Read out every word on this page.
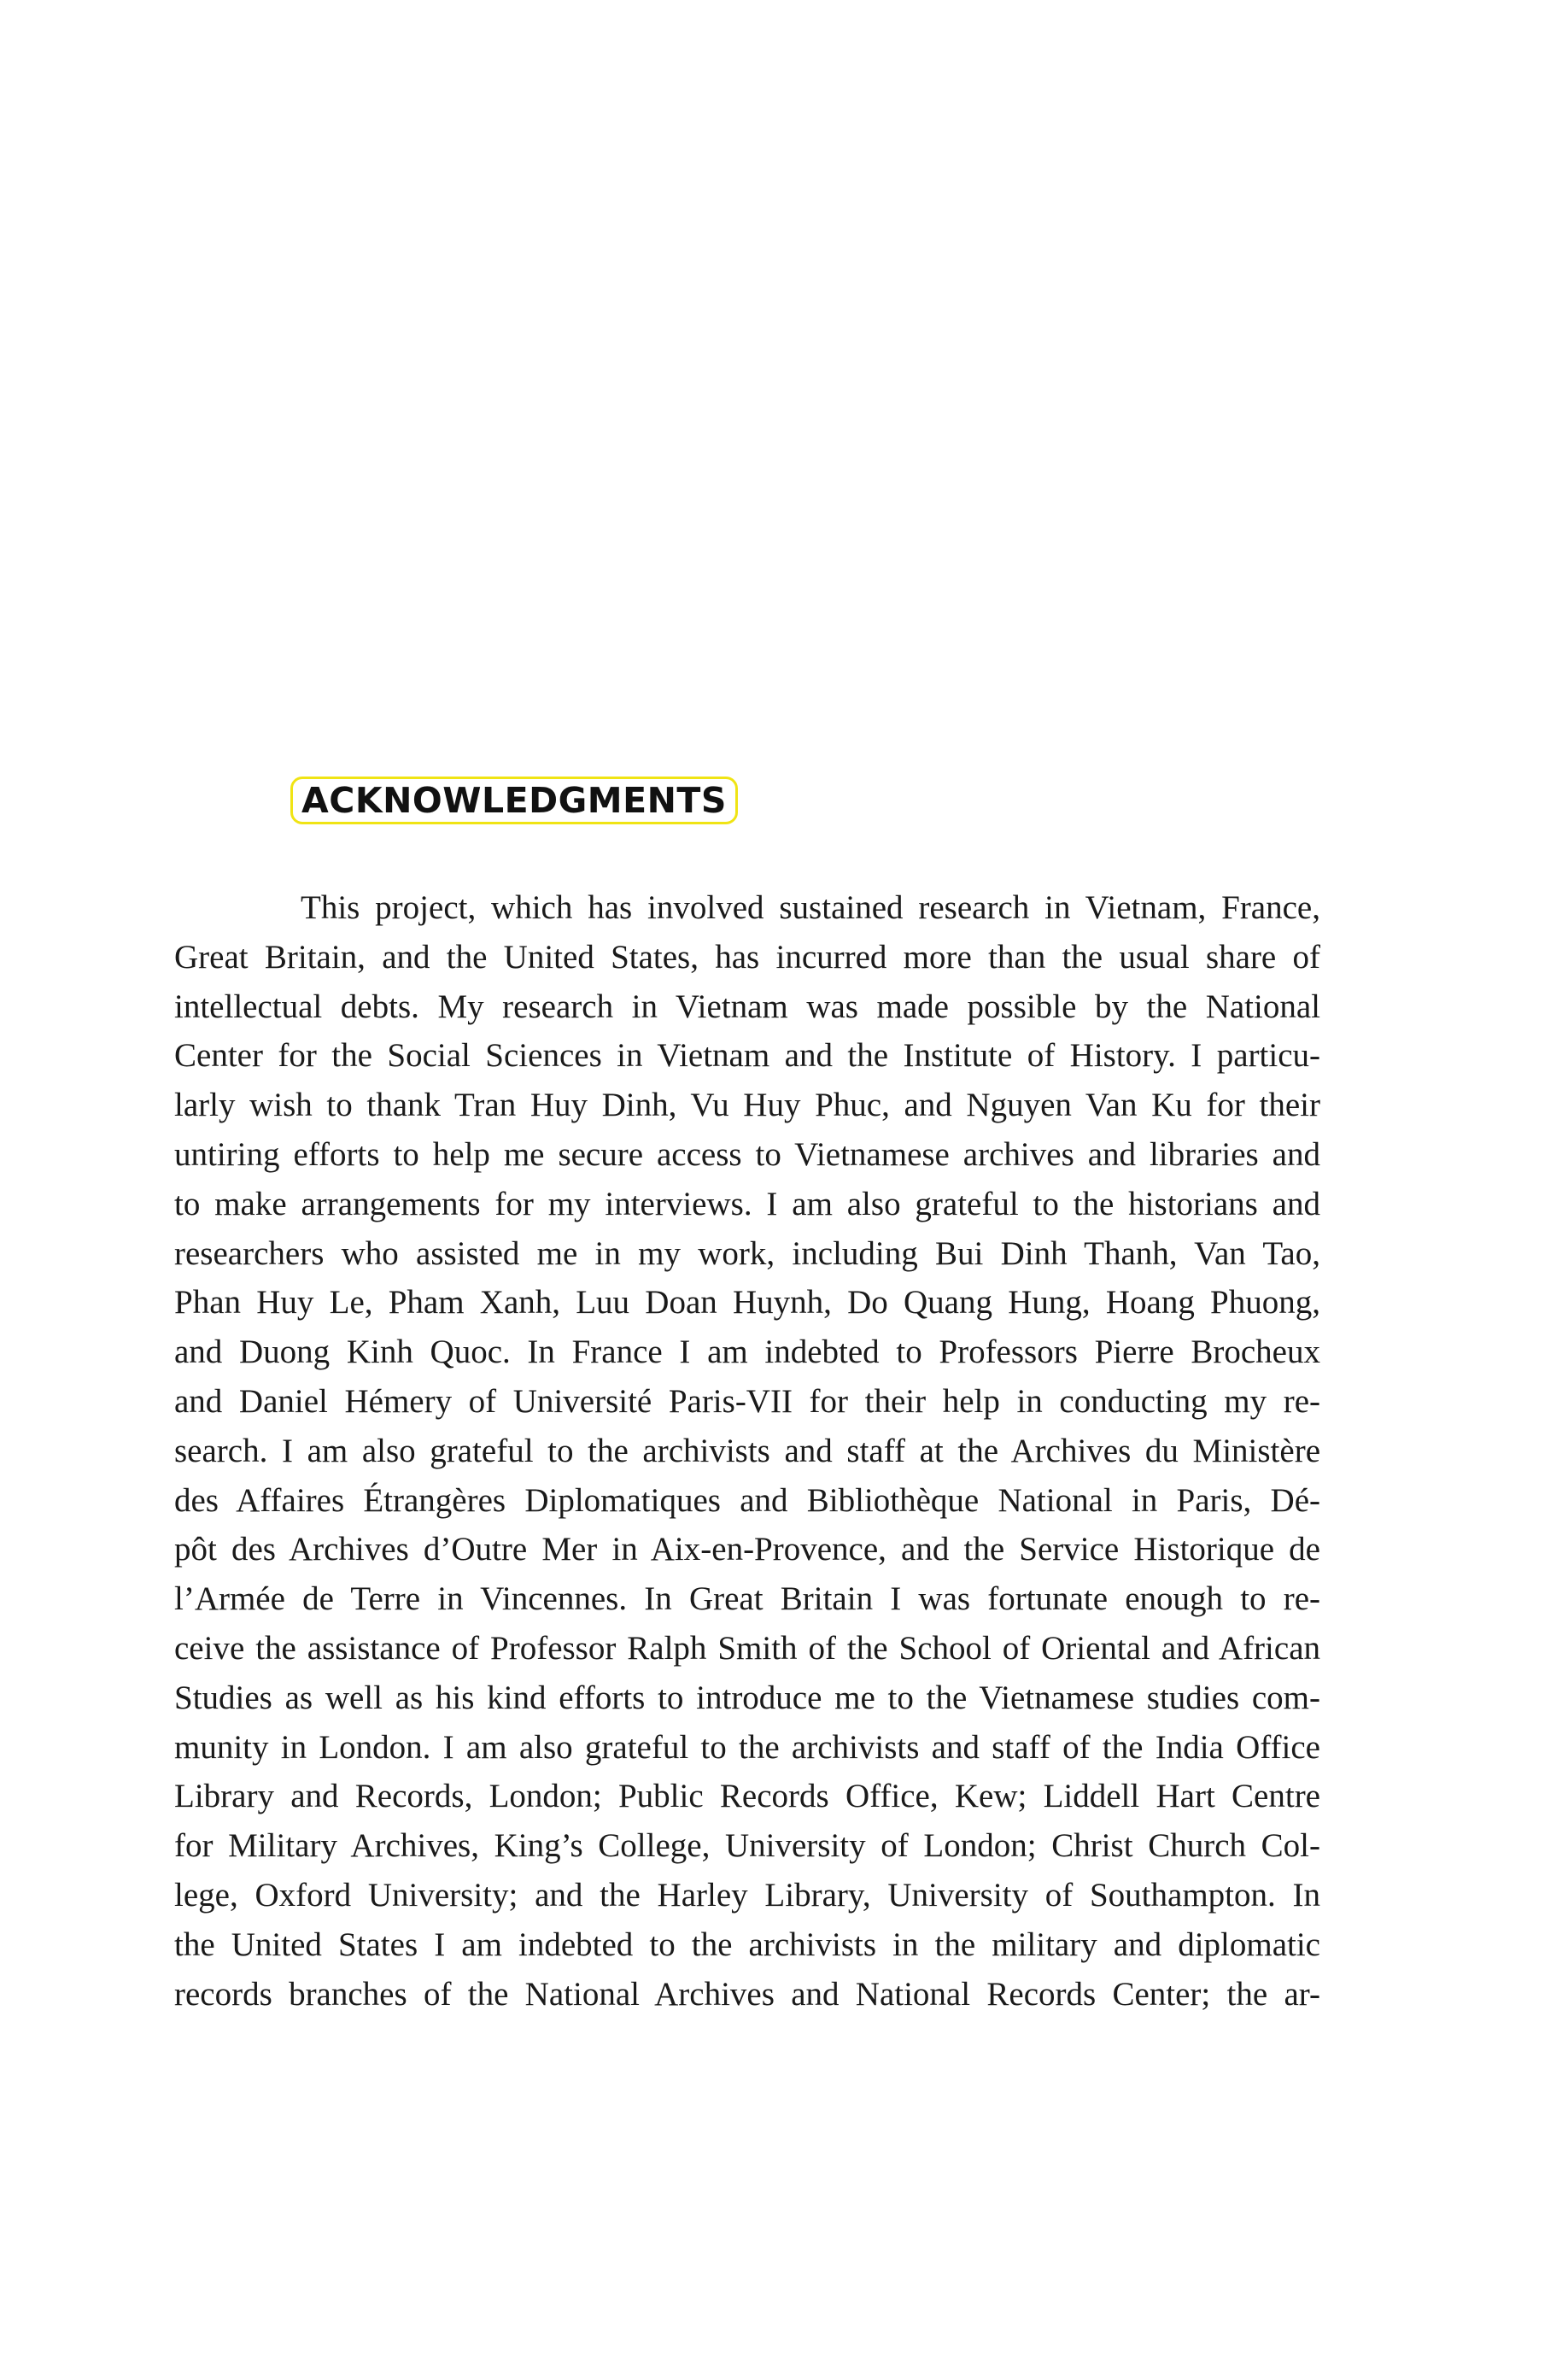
ACKNOWLEDGMENTS
This project, which has involved sustained research in Vietnam, France,
Great Britain, and the United States, has incurred more than the usual share of
intellectual debts. My research in Vietnam was made possible by the National
Center for the Social Sciences in Vietnam and the Institute of History. I particu-
larly wish to thank Tran Huy Dinh, Vu Huy Phuc, and Nguyen Van Ku for their
untiring efforts to help me secure access to Vietnamese archives and libraries and
to make arrangements for my interviews. I am also grateful to the historians and
researchers who assisted me in my work, including Bui Dinh Thanh, Van Tao,
Phan Huy Le, Pham Xanh, Luu Doan Huynh, Do Quang Hung, Hoang Phuong,
and Duong Kinh Quoc. In France I am indebted to Professors Pierre Brocheux
and Daniel Hémery of Université Paris-VII for their help in conducting my re-
search. I am also grateful to the archivists and staff at the Archives du Ministère
des Affaires Étrangères Diplomatiques and Bibliothèque National in Paris, Dé-
pôt des Archives d’Outre Mer in Aix-en-Provence, and the Service Historique de
l’Armée de Terre in Vincennes. In Great Britain I was fortunate enough to re-
ceive the assistance of Professor Ralph Smith of the School of Oriental and African
Studies as well as his kind efforts to introduce me to the Vietnamese studies com-
munity in London. I am also grateful to the archivists and staff of the India Office
Library and Records, London; Public Records Office, Kew; Liddell Hart Centre
for Military Archives, King’s College, University of London; Christ Church Col-
lege, Oxford University; and the Harley Library, University of Southampton. In
the United States I am indebted to the archivists in the military and diplomatic
records branches of the National Archives and National Records Center; the ar-
